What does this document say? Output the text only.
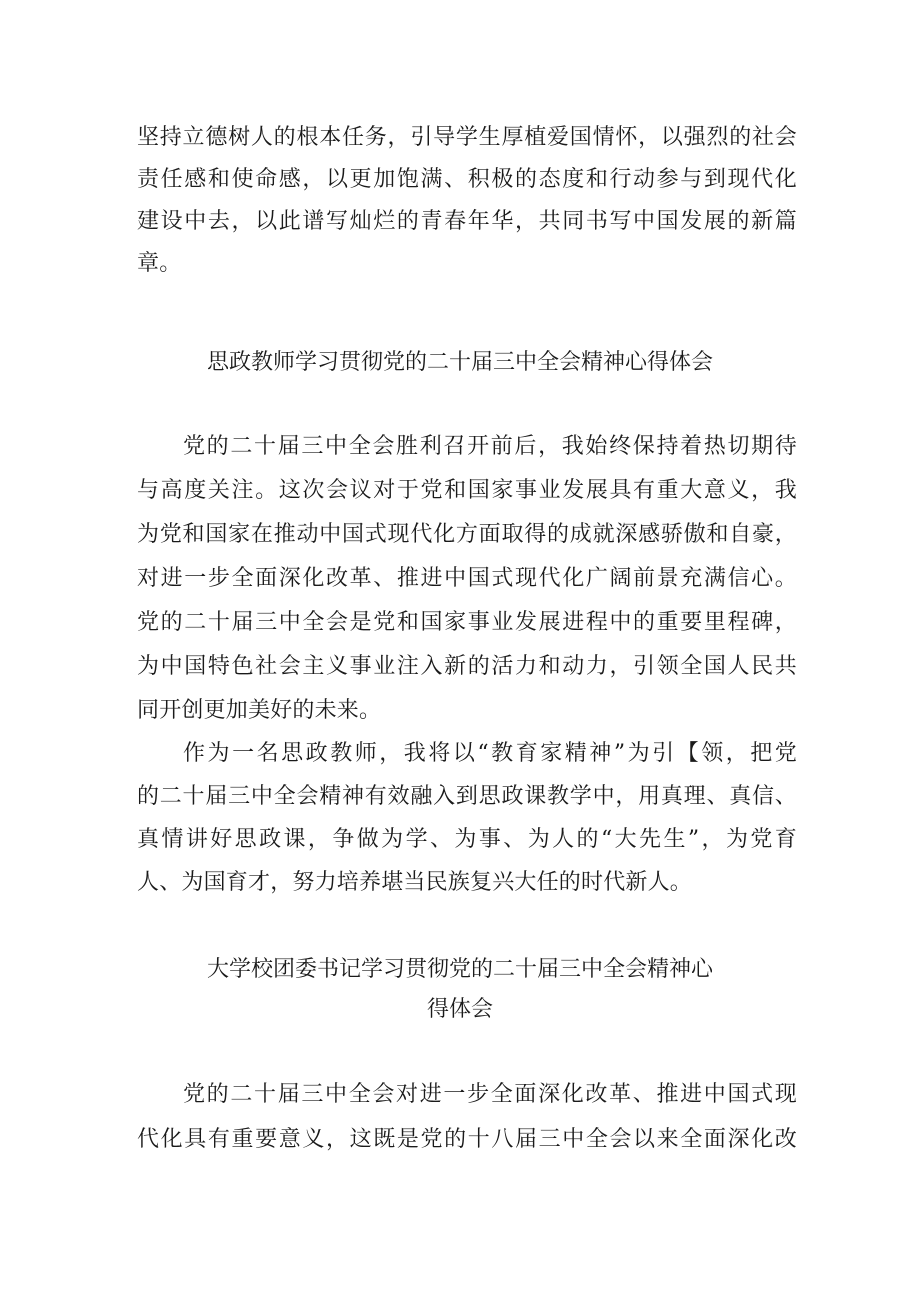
坚持立德树人的根本任务，引导学生厚植爱国情怀，以强烈的社会
责任感和使命感，以更加饱满、积极的态度和行动参与到现代化
建设中去，以此谱写灿烂的青春年华，共同书写中国发展的新篇
章。
思政教师学习贯彻党的二十届三中全会精神心得体会
党的二十届三中全会胜利召开前后，我始终保持着热切期待
与高度关注。这次会议对于党和国家事业发展具有重大意义，我
为党和国家在推动中国式现代化方面取得的成就深感骄傲和自豪，
对进一步全面深化改革、推进中国式现代化广阔前景充满信心。
党的二十届三中全会是党和国家事业发展进程中的重要里程碑，
为中国特色社会主义事业注入新的活力和动力，引领全国人民共
同开创更加美好的未来。
作为一名思政教师，我将以“教育家精神”为引【领，把党
的二十届三中全会精神有效融入到思政课教学中，用真理、真信、
真情讲好思政课，争做为学、为事、为人的“大先生”，为党育
人、为国育才，努力培养堪当民族复兴大任的时代新人。
大学校团委书记学习贯彻党的二十届三中全会精神心
得体会
党的二十届三中全会对进一步全面深化改革、推进中国式现
代化具有重要意义，这既是党的十八届三中全会以来全面深化改
